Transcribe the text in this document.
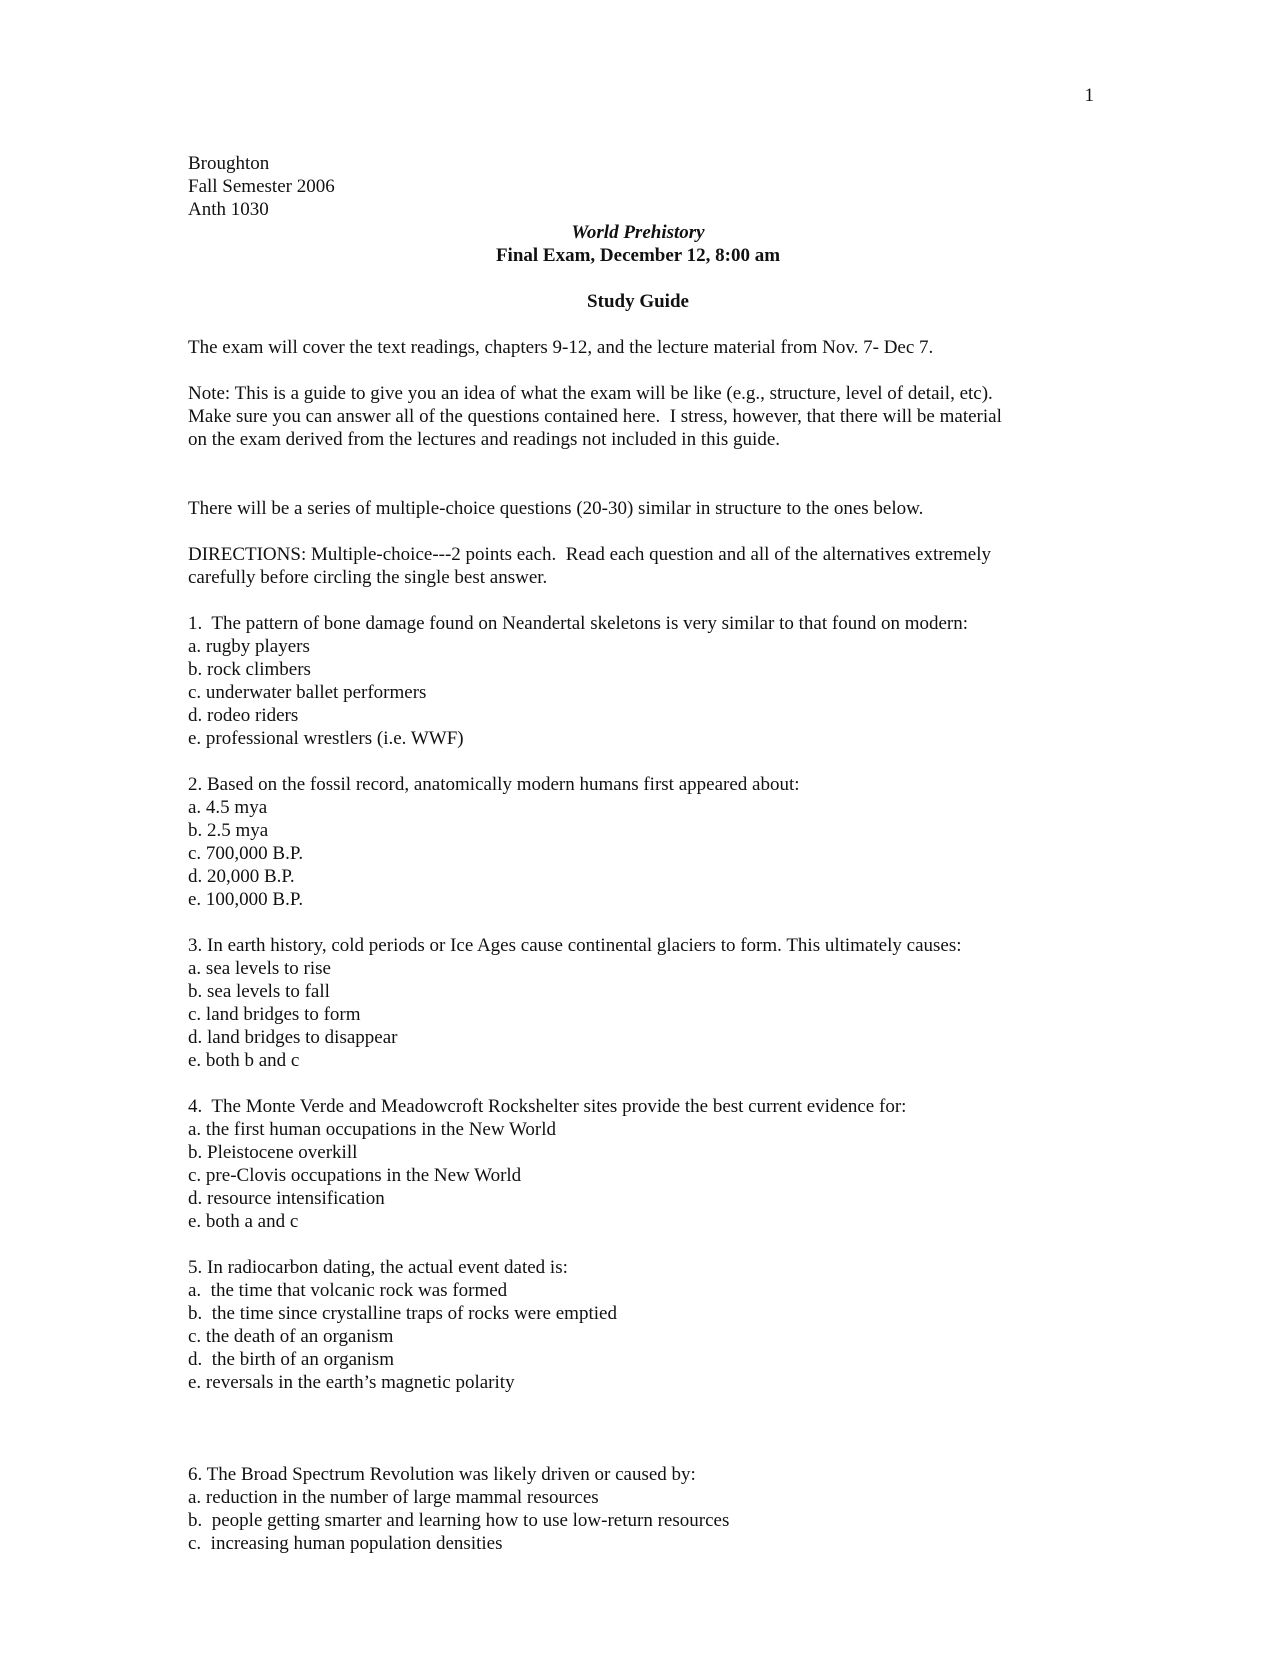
1
Broughton
Fall Semester 2006
Anth 1030
World Prehistory
Final Exam, December 12, 8:00 am
Study Guide
The exam will cover the text readings, chapters 9-12, and the lecture material from Nov. 7- Dec 7.
Note: This is a guide to give you an idea of what the exam will be like (e.g., structure, level of detail, etc).
Make sure you can answer all of the questions contained here.  I stress, however, that there will be material
on the exam derived from the lectures and readings not included in this guide.
There will be a series of multiple-choice questions (20-30) similar in structure to the ones below.
DIRECTIONS: Multiple-choice---2 points each.  Read each question and all of the alternatives extremely
carefully before circling the single best answer.
1.  The pattern of bone damage found on Neandertal skeletons is very similar to that found on modern:
a. rugby players
b. rock climbers
c. underwater ballet performers
d. rodeo riders
e. professional wrestlers (i.e. WWF)
2. Based on the fossil record, anatomically modern humans first appeared about:
a. 4.5 mya
b. 2.5 mya
c. 700,000 B.P.
d. 20,000 B.P.
e. 100,000 B.P.
3. In earth history, cold periods or Ice Ages cause continental glaciers to form. This ultimately causes:
a. sea levels to rise
b. sea levels to fall
c. land bridges to form
d. land bridges to disappear
e. both b and c
4.  The Monte Verde and Meadowcroft Rockshelter sites provide the best current evidence for:
a. the first human occupations in the New World
b. Pleistocene overkill
c. pre-Clovis occupations in the New World
d. resource intensification
e. both a and c
5. In radiocarbon dating, the actual event dated is:
a.  the time that volcanic rock was formed
b.  the time since crystalline traps of rocks were emptied
c. the death of an organism
d.  the birth of an organism
e. reversals in the earth’s magnetic polarity
6. The Broad Spectrum Revolution was likely driven or caused by:
a. reduction in the number of large mammal resources
b.  people getting smarter and learning how to use low-return resources
c.  increasing human population densities
